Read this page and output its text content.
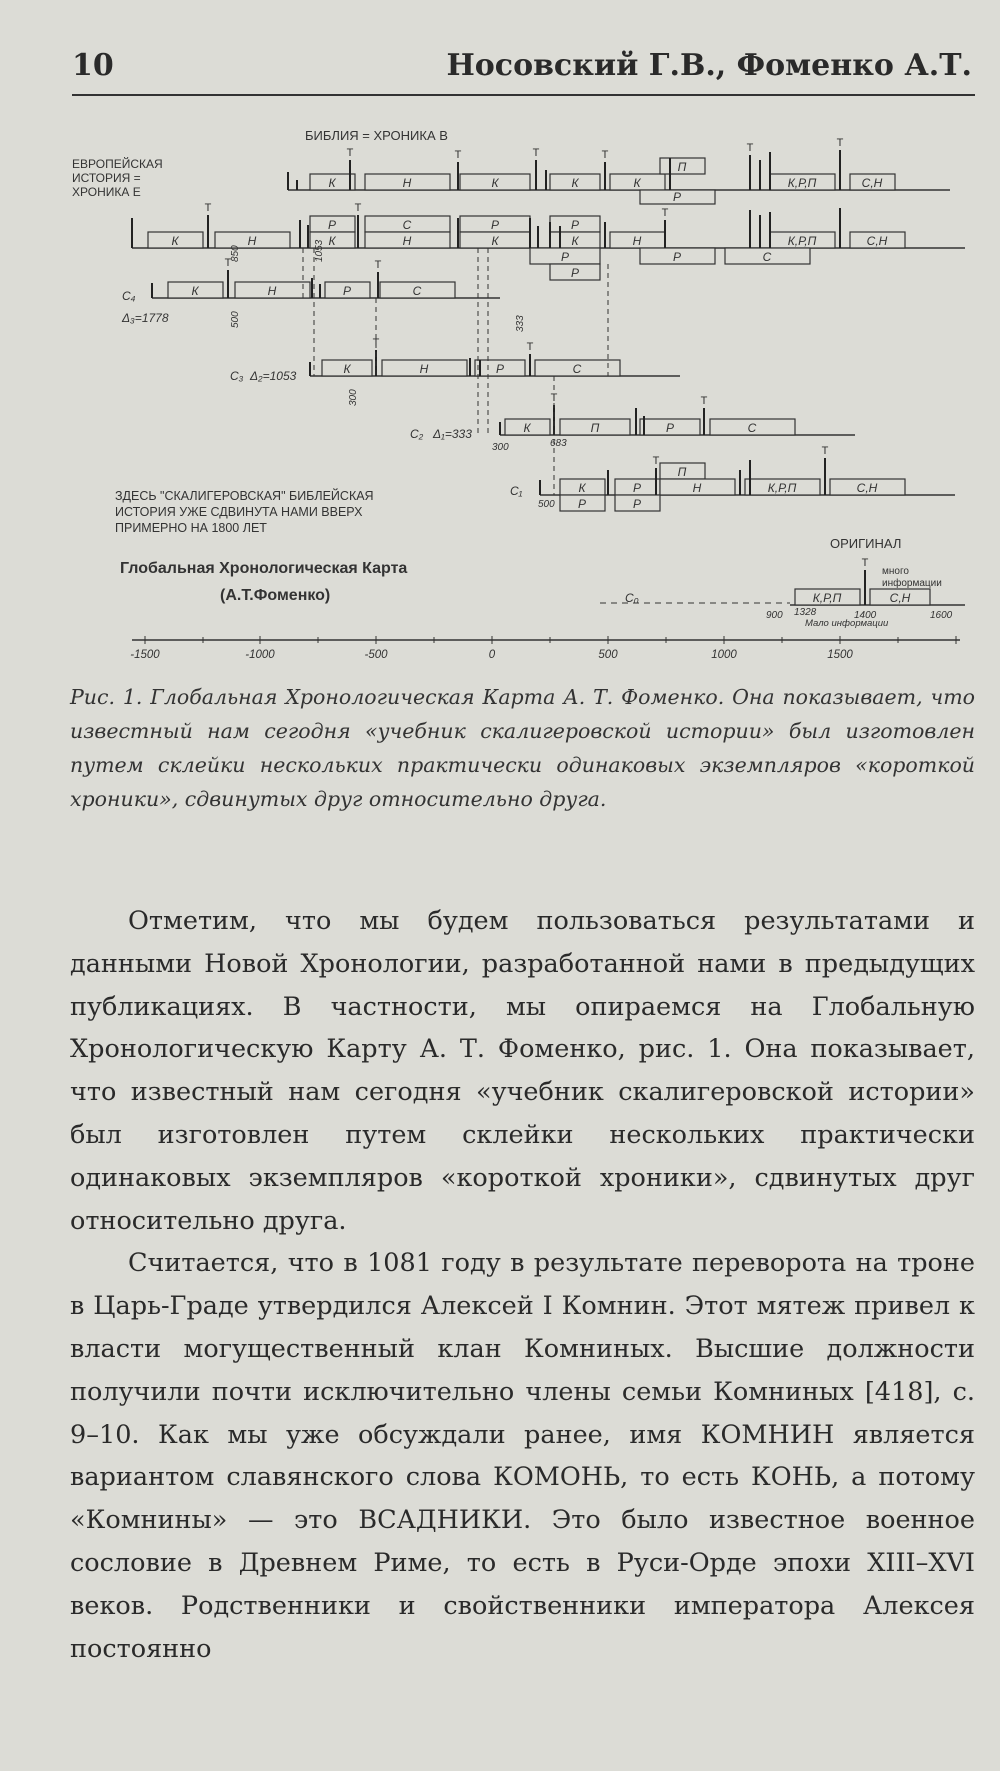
10	Носовский Г.В., Фоменко А.Т.
БИБЛИЯ = ХРОНИКА В
ЕВРОПЕЙСКАЯ
ИСТОРИЯ =
ХРОНИКА Е
К	Н	К	К	К
П
К,Р,П	С,Н
Р
К	Н
Р
К
С
Н
Р
К
Р
К	Н	К,Р,П	С,Н
Р	Р	С
Р
К	Н	Р	С
К	Н	Р	С
К	П	Р	С
П
К	Р	Н	К,Р,П	С,Н
Р	Р
К,Р,П	С,Н
T	T	T	T
T	T
T	T	T
T	T
T	T
T	T
T
T
T
C₄
Δ₃=1778
C₃ Δ₂=1053
C₂ Δ₁=333
C₁
C₀
300	683
500
1328	1400	1600
900
333
300
1053
850
500
ЗДЕСЬ "СКАЛИГЕРОВСКАЯ" БИБЛЕЙСКАЯ
ИСТОРИЯ УЖЕ СДВИНУТА НАМИ ВВЕРХ
ПРИМЕРНО НА 1800 ЛЕТ
Глобальная Хронологическая Карта
(А.Т.Фоменко)
ОРИГИНАЛ
много
информации
Мало информации
-1500	-1000	-500	0	500	1000	1500
Рис. 1. Глобальная Хронологическая Карта А. Т. Фоменко. Она показывает, что известный нам сегодня «учебник скалигеровской истории» был изготовлен путем склейки нескольких практически одинаковых экземпляров «короткой хроники», сдвинутых друг относительно друга.

Отметим, что мы будем пользоваться результатами и данными Новой Хронологии, разработанной нами в предыдущих публикациях. В частности, мы опираемся на Глобальную Хронологическую Карту А. Т. Фоменко, рис. 1. Она показывает, что известный нам сегодня «учебник скалигеровской истории» был изготовлен путем склейки нескольких практически одинаковых экземпляров «короткой хроники», сдвинутых друг относительно друга.

Считается, что в 1081 году в результате переворота на троне в Царь-Граде утвердился Алексей I Комнин. Этот мятеж привел к власти могущественный клан Комниных. Высшие должности получили почти исключительно члены семьи Комниных [418], с. 9–10. Как мы уже обсуждали ранее, имя КОМНИН является вариантом славянского слова КОМОНЬ, то есть КОНЬ, а потому «Комнины» — это ВСАДНИКИ. Это было известное военное сословие в Древнем Риме, то есть в Руси-Орде эпохи XIII–XVI веков. Родственники и свойственники императора Алексея постоянно
